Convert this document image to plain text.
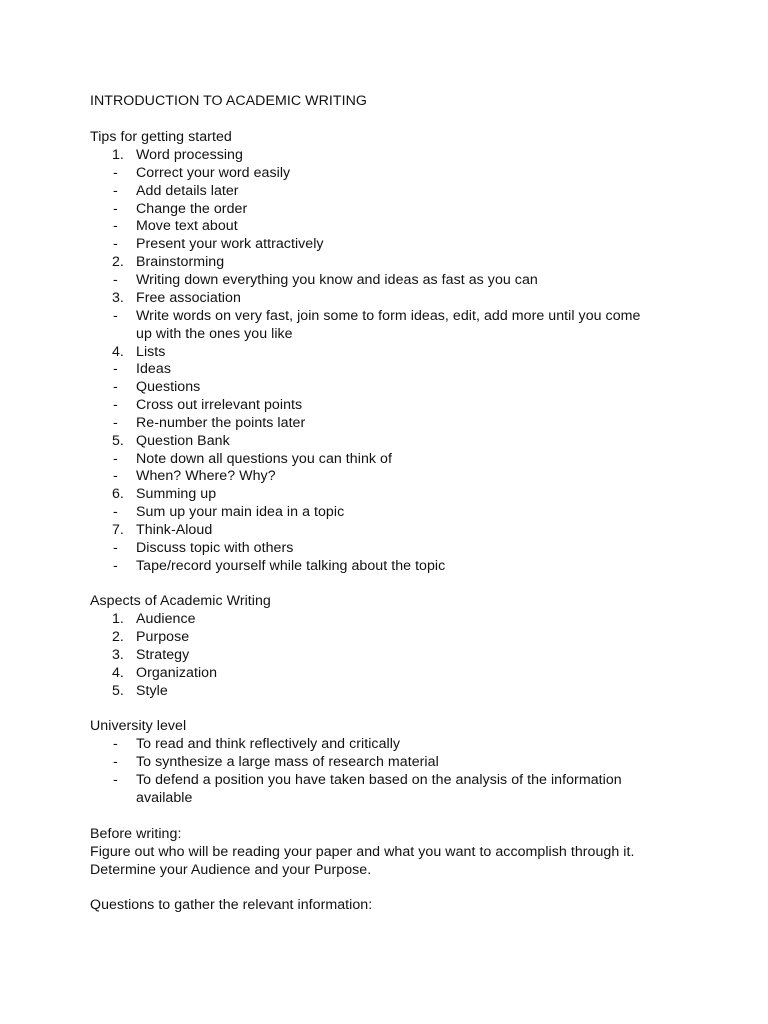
INTRODUCTION TO ACADEMIC WRITING
Tips for getting started
1. Word processing
- Correct your word easily
- Add details later
- Change the order
- Move text about
- Present your work attractively
2. Brainstorming
- Writing down everything you know and ideas as fast as you can
3. Free association
- Write words on very fast, join some to form ideas, edit, add more until you come
up with the ones you like
4. Lists
- Ideas
- Questions
- Cross out irrelevant points
- Re-number the points later
5. Question Bank
- Note down all questions you can think of
- When? Where? Why?
6. Summing up
- Sum up your main idea in a topic
7. Think-Aloud
- Discuss topic with others
- Tape/record yourself while talking about the topic
Aspects of Academic Writing
1. Audience
2. Purpose
3. Strategy
4. Organization
5. Style
University level
- To read and think reflectively and critically
- To synthesize a large mass of research material
- To defend a position you have taken based on the analysis of the information
available
Before writing:
Figure out who will be reading your paper and what you want to accomplish through it.
Determine your Audience and your Purpose.
Questions to gather the relevant information:
